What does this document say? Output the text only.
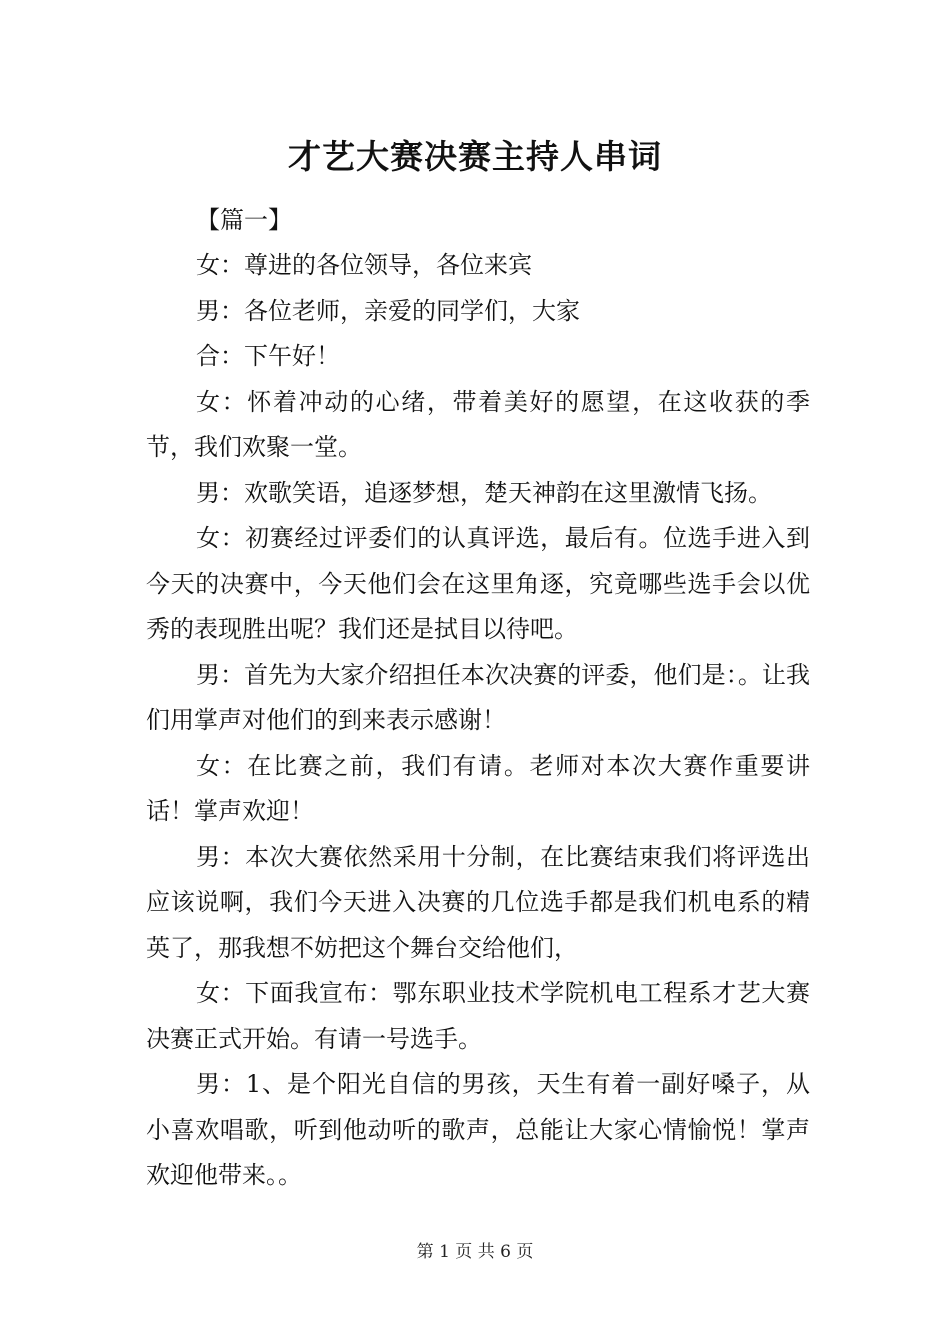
才艺大赛决赛主持人串词

【篇一】

女：尊进的各位领导，各位来宾

男：各位老师，亲爱的同学们，大家

合：下午好！

女：怀着冲动的心绪，带着美好的愿望，在这收获的季节，我们欢聚一堂。

男：欢歌笑语，追逐梦想，楚天神韵在这里激情飞扬。

女：初赛经过评委们的认真评选，最后有。位选手进入到今天的决赛中，今天他们会在这里角逐，究竟哪些选手会以优秀的表现胜出呢？我们还是拭目以待吧。

男：首先为大家介绍担任本次决赛的评委，他们是：。让我们用掌声对他们的到来表示感谢！

女：在比赛之前，我们有请。老师对本次大赛作重要讲话！掌声欢迎！

男：本次大赛依然采用十分制，在比赛结束我们将评选出应该说啊，我们今天进入决赛的几位选手都是我们机电系的精英了，那我想不妨把这个舞台交给他们，

女：下面我宣布：鄂东职业技术学院机电工程系才艺大赛决赛正式开始。有请一号选手。

男：1、是个阳光自信的男孩，天生有着一副好嗓子，从小喜欢唱歌，听到他动听的歌声，总能让大家心情愉悦！掌声欢迎他带来。。

第 1 页 共 6 页
